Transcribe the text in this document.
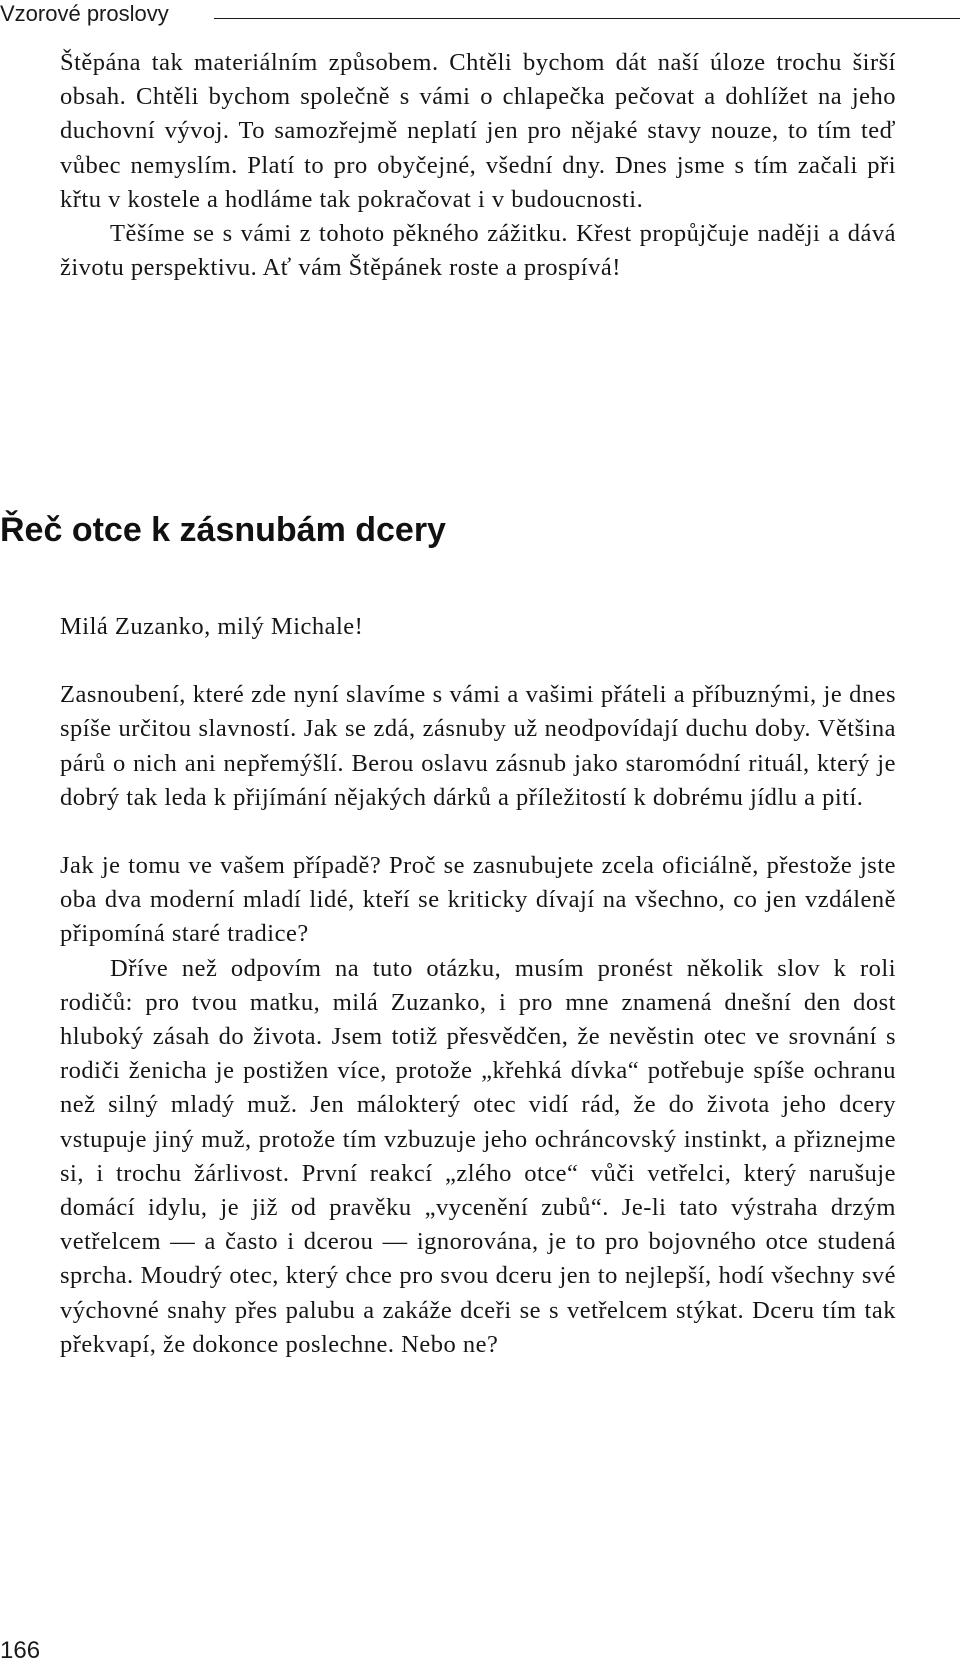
Vzorové proslovy

Štěpána tak materiálním způsobem. Chtěli bychom dát naší úloze trochu širší obsah. Chtěli bychom společně s vámi o chlapečka pečovat a dohlížet na jeho duchovní vývoj. To samozřejmě neplatí jen pro nějaké stavy nouze, to tím teď vůbec nemyslím. Platí to pro obyčejné, všední dny. Dnes jsme s tím začali při křtu v kostele a hodláme tak pokračovat i v budoucnosti.

Těšíme se s vámi z tohoto pěkného zážitku. Křest propůjčuje naději a dává životu perspektivu. Ať vám Štěpánek roste a prospívá!

Řeč otce k zásnubám dcery

Milá Zuzanko, milý Michale!

Zasnoubení, které zde nyní slavíme s vámi a vašimi přáteli a příbuznými, je dnes spíše určitou slavností. Jak se zdá, zásnuby už neodpovídají duchu doby. Většina párů o nich ani nepřemýšlí. Berou oslavu zásnub jako staromódní rituál, který je dobrý tak leda k přijímání nějakých dárků a příležitostí k dobrému jídlu a pití.

Jak je tomu ve vašem případě? Proč se zasnubujete zcela oficiálně, přestože jste oba dva moderní mladí lidé, kteří se kriticky dívají na všechno, co jen vzdáleně připomíná staré tradice?

Dříve než odpovím na tuto otázku, musím pronést několik slov k roli rodičů: pro tvou matku, milá Zuzanko, i pro mne znamená dnešní den dost hluboký zásah do života. Jsem totiž přesvědčen, že nevěstin otec ve srovnání s rodiči ženicha je postižen více, protože „křehká dívka“ potřebuje spíše ochranu než silný mladý muž. Jen málokterý otec vidí rád, že do života jeho dcery vstupuje jiný muž, protože tím vzbuzuje jeho ochráncovský instinkt, a přiznejme si, i trochu žárlivost. První reakcí „zlého otce“ vůči vetřelci, který narušuje domácí idylu, je již od pravěku „vycenění zubů“. Je-li tato výstraha drzým vetřelcem — a často i dcerou — ignorována, je to pro bojovného otce studená sprcha. Moudrý otec, který chce pro svou dceru jen to nejlepší, hodí všechny své výchovné snahy přes palubu a zakáže dceři se s vetřelcem stýkat. Dceru tím tak překvapí, že dokonce poslechne. Nebo ne?

166
